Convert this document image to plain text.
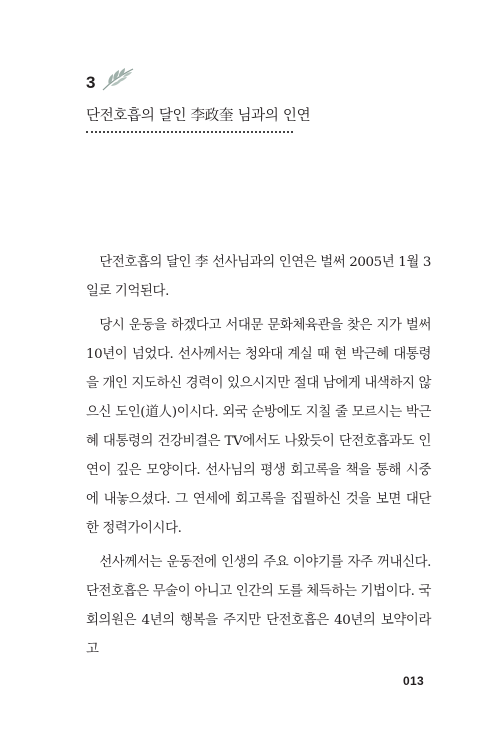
3
단전호흡의 달인 李政奎 님과의 인연

단전호흡의 달인 李 선사님과의 인연은 벌써 2005년 1월 3일로 기억된다.

당시 운동을 하겠다고 서대문 문화체육관을 찾은 지가 벌써 10년이 넘었다. 선사께서는 청와대 계실 때 현 박근혜 대통령을 개인 지도하신 경력이 있으시지만 절대 남에게 내색하지 않으신 도인(道人)이시다. 외국 순방에도 지칠 줄 모르시는 박근혜 대통령의 건강비결은 TV에서도 나왔듯이 단전호흡과도 인연이 깊은 모양이다. 선사님의 평생 회고록을 책을 통해 시중에 내놓으셨다. 그 연세에 회고록을 집필하신 것을 보면 대단한 정력가이시다.

선사께서는 운동전에 인생의 주요 이야기를 자주 꺼내신다. 단전호흡은 무술이 아니고 인간의 도를 체득하는 기법이다. 국회의원은 4년의 행복을 주지만 단전호흡은 40년의 보약이라고

013
